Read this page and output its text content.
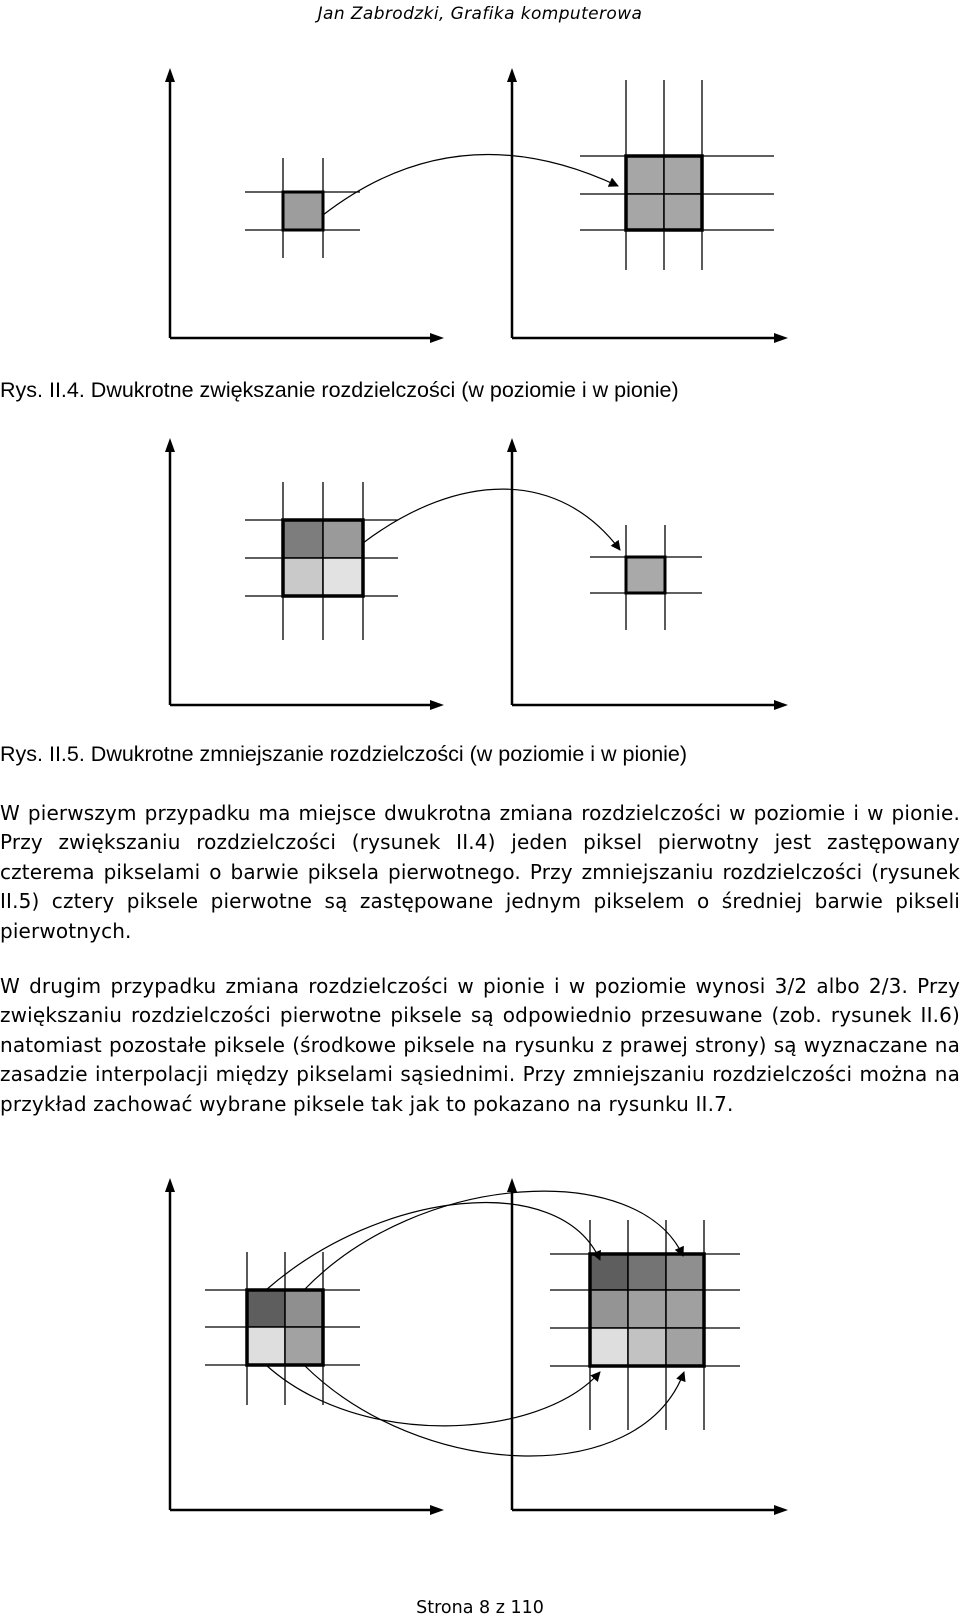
Jan Zabrodzki, Grafika komputerowa
Rys. II.4. Dwukrotne zwiększanie rozdzielczości (w poziomie i w pionie)
Rys. II.5. Dwukrotne zmniejszanie rozdzielczości (w poziomie i w pionie)

W pierwszym przypadku ma miejsce dwukrotna zmiana rozdzielczości w poziomie i w pionie. Przy zwiększaniu rozdzielczości (rysunek II.4) jeden piksel pierwotny jest zastępowany czterema pikselami o barwie piksela pierwotnego. Przy zmniejszaniu rozdzielczości (rysunek II.5) cztery piksele pierwotne są zastępowane jednym pikselem o średniej barwie pikseli pierwotnych.

W drugim przypadku zmiana rozdzielczości w pionie i w poziomie wynosi 3/2 albo 2/3. Przy zwiększaniu rozdzielczości pierwotne piksele są odpowiednio przesuwane (zob. rysunek II.6) natomiast pozostałe piksele (środkowe piksele na rysunku z prawej strony) są wyznaczane na zasadzie interpolacji między pikselami sąsiednimi. Przy zmniejszaniu rozdzielczości można na przykład zachować wybrane piksele tak jak to pokazano na rysunku II.7.

Strona 8 z 110
